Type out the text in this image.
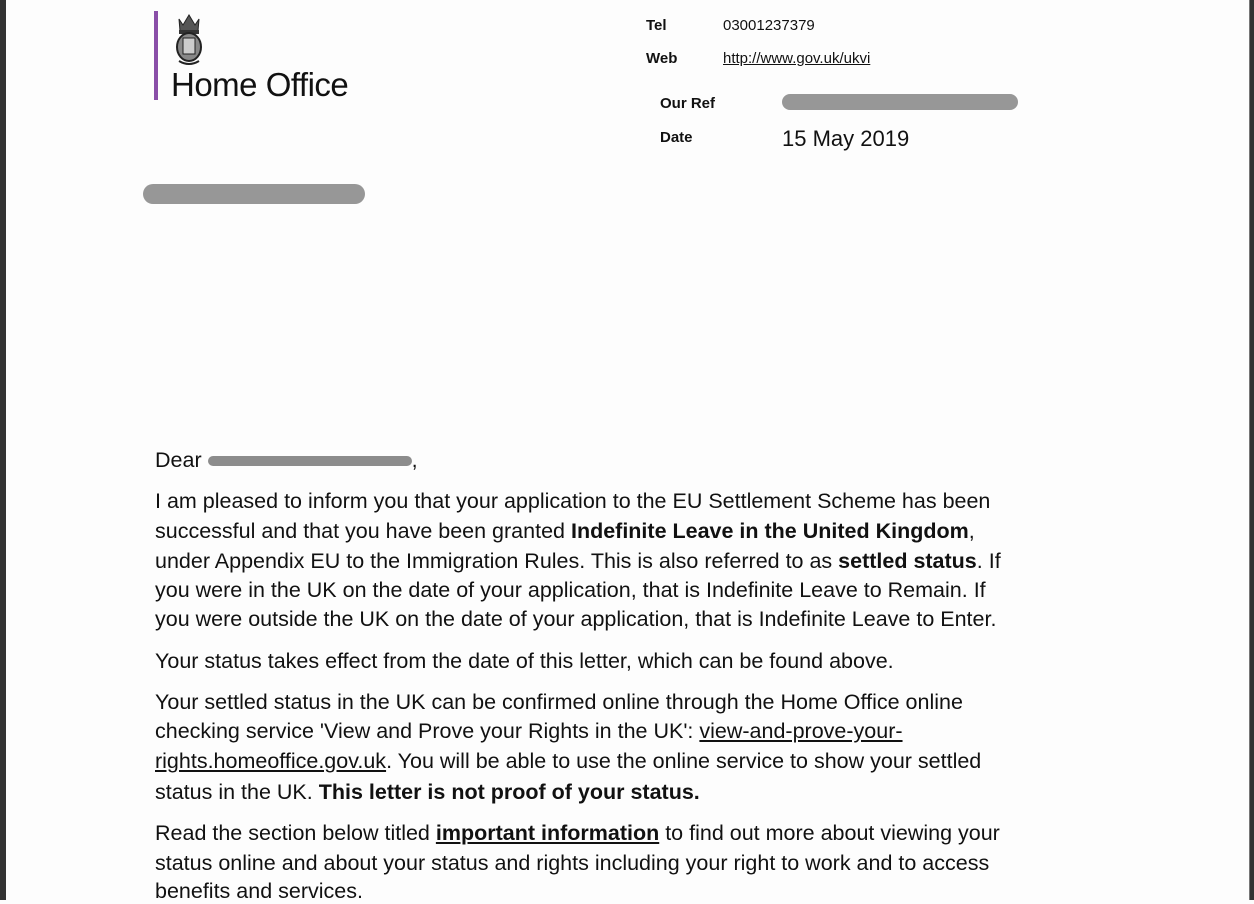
Home Office
Tel	03001237379
Web	http://www.gov.uk/ukvi
Our Ref
Date	15 May 2019
Dear	,
I am pleased to inform you that your application to the EU Settlement Scheme has been
successful and that you have been granted Indefinite Leave in the United Kingdom,
under Appendix EU to the Immigration Rules. This is also referred to as settled status. If
you were in the UK on the date of your application, that is Indefinite Leave to Remain. If
you were outside the UK on the date of your application, that is Indefinite Leave to Enter.
Your status takes effect from the date of this letter, which can be found above.
Your settled status in the UK can be confirmed online through the Home Office online
checking service 'View and Prove your Rights in the UK': view-and-prove-your-
rights.homeoffice.gov.uk. You will be able to use the online service to show your settled
status in the UK. This letter is not proof of your status.
Read the section below titled important information to find out more about viewing your
status online and about your status and rights including your right to work and to access
benefits and services.
